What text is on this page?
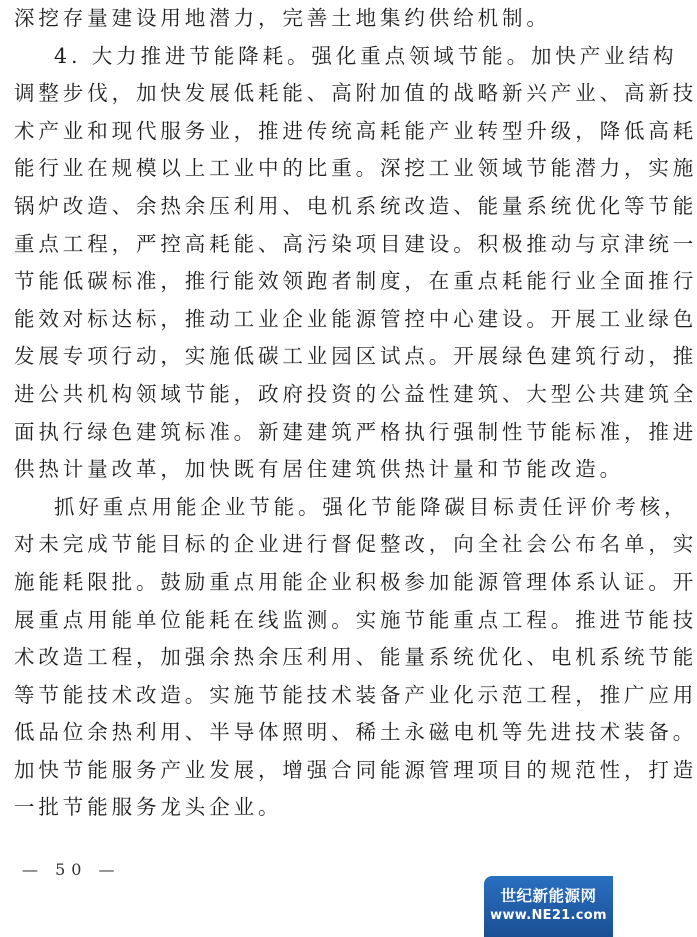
深挖存量建设用地潜力，完善土地集约供给机制。
4. 大力推进节能降耗。强化重点领域节能。加快产业结构
调整步伐，加快发展低耗能、高附加值的战略新兴产业、高新技
术产业和现代服务业，推进传统高耗能产业转型升级，降低高耗
能行业在规模以上工业中的比重。深挖工业领域节能潜力，实施
锅炉改造、余热余压利用、电机系统改造、能量系统优化等节能
重点工程，严控高耗能、高污染项目建设。积极推动与京津统一
节能低碳标准，推行能效领跑者制度，在重点耗能行业全面推行
能效对标达标，推动工业企业能源管控中心建设。开展工业绿色
发展专项行动，实施低碳工业园区试点。开展绿色建筑行动，推
进公共机构领域节能，政府投资的公益性建筑、大型公共建筑全
面执行绿色建筑标准。新建建筑严格执行强制性节能标准，推进
供热计量改革，加快既有居住建筑供热计量和节能改造。
抓好重点用能企业节能。强化节能降碳目标责任评价考核，
对未完成节能目标的企业进行督促整改，向全社会公布名单，实
施能耗限批。鼓励重点用能企业积极参加能源管理体系认证。开
展重点用能单位能耗在线监测。实施节能重点工程。推进节能技
术改造工程，加强余热余压利用、能量系统优化、电机系统节能
等节能技术改造。实施节能技术装备产业化示范工程，推广应用
低品位余热利用、半导体照明、稀土永磁电机等先进技术装备。
加快节能服务产业发展，增强合同能源管理项目的规范性，打造
一批节能服务龙头企业。
— 50 —
世纪新能源网
www.NE21.com
